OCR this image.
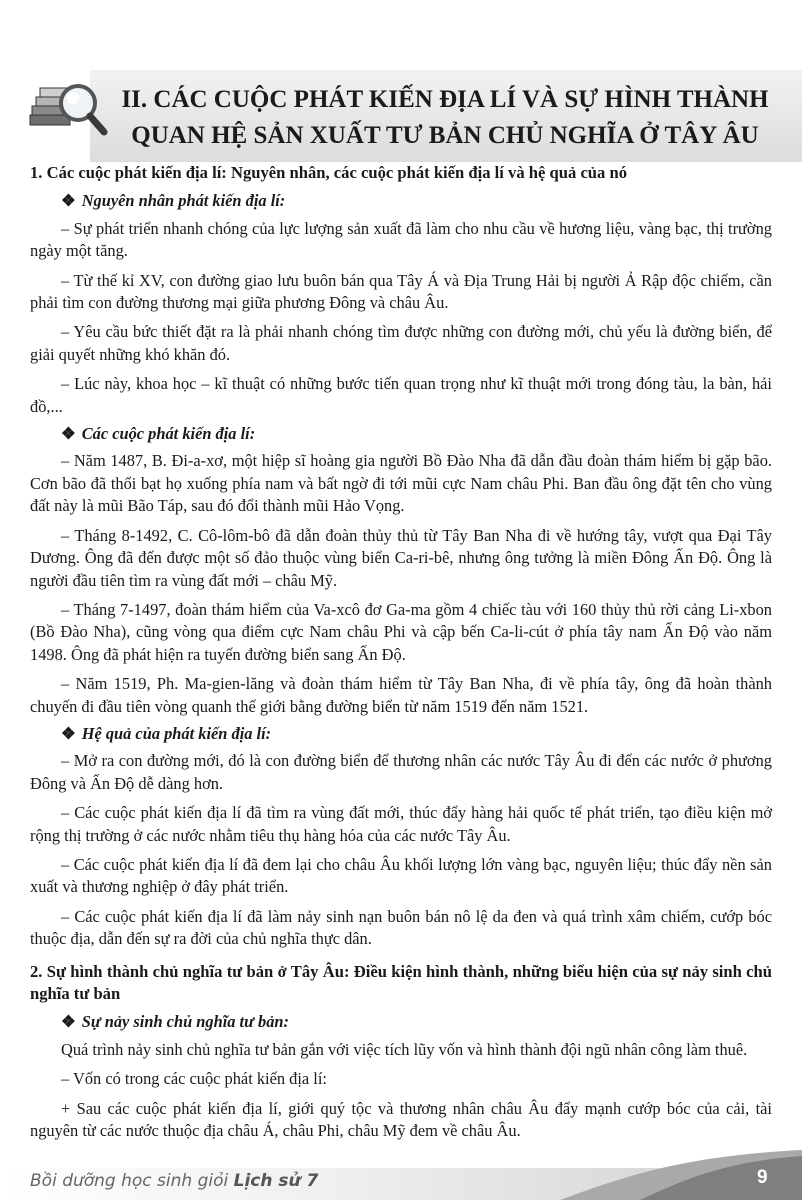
II. CÁC CUỘC PHÁT KIẾN ĐỊA LÍ VÀ SỰ HÌNH THÀNH
QUAN HỆ SẢN XUẤT TƯ BẢN CHỦ NGHĨA Ở TÂY ÂU

1. Các cuộc phát kiến địa lí: Nguyên nhân, các cuộc phát kiến địa lí và hệ quả của nó

❖ Nguyên nhân phát kiến địa lí:

– Sự phát triển nhanh chóng của lực lượng sản xuất đã làm cho nhu cầu về hương liệu, vàng bạc, thị trường ngày một tăng.

– Từ thế kỉ XV, con đường giao lưu buôn bán qua Tây Á và Địa Trung Hải bị người Ả Rập độc chiếm, cần phải tìm con đường thương mại giữa phương Đông và châu Âu.

– Yêu cầu bức thiết đặt ra là phải nhanh chóng tìm được những con đường mới, chủ yếu là đường biển, để giải quyết những khó khăn đó.

– Lúc này, khoa học – kĩ thuật có những bước tiến quan trọng như kĩ thuật mới trong đóng tàu, la bàn, hải đồ,...

❖ Các cuộc phát kiến địa lí:

– Năm 1487, B. Đi-a-xơ, một hiệp sĩ hoàng gia người Bồ Đào Nha đã dẫn đầu đoàn thám hiểm bị gặp bão. Cơn bão đã thổi bạt họ xuống phía nam và bất ngờ đi tới mũi cực Nam châu Phi. Ban đầu ông đặt tên cho vùng đất này là mũi Bão Táp, sau đó đổi thành mũi Hảo Vọng.

– Tháng 8-1492, C. Cô-lôm-bô đã dẫn đoàn thủy thủ từ Tây Ban Nha đi về hướng tây, vượt qua Đại Tây Dương. Ông đã đến được một số đảo thuộc vùng biển Ca-ri-bê, nhưng ông tưởng là miền Đông Ấn Độ. Ông là người đầu tiên tìm ra vùng đất mới – châu Mỹ.

– Tháng 7-1497, đoàn thám hiểm của Va-xcô đơ Ga-ma gồm 4 chiếc tàu với 160 thủy thủ rời cảng Li-xbon (Bồ Đào Nha), cũng vòng qua điểm cực Nam châu Phi và cập bến Ca-li-cút ở phía tây nam Ấn Độ vào năm 1498. Ông đã phát hiện ra tuyến đường biển sang Ấn Độ.

– Năm 1519, Ph. Ma-gien-lăng và đoàn thám hiểm từ Tây Ban Nha, đi về phía tây, ông đã hoàn thành chuyến đi đầu tiên vòng quanh thế giới bằng đường biển từ năm 1519 đến năm 1521.

❖ Hệ quả của phát kiến địa lí:

– Mở ra con đường mới, đó là con đường biển để thương nhân các nước Tây Âu đi đến các nước ở phương Đông và Ấn Độ dễ dàng hơn.

– Các cuộc phát kiến địa lí đã tìm ra vùng đất mới, thúc đẩy hàng hải quốc tế phát triển, tạo điều kiện mở rộng thị trường ở các nước nhằm tiêu thụ hàng hóa của các nước Tây Âu.

– Các cuộc phát kiến địa lí đã đem lại cho châu Âu khối lượng lớn vàng bạc, nguyên liệu; thúc đẩy nền sản xuất và thương nghiệp ở đây phát triển.

– Các cuộc phát kiến địa lí đã làm nảy sinh nạn buôn bán nô lệ da đen và quá trình xâm chiếm, cướp bóc thuộc địa, dẫn đến sự ra đời của chủ nghĩa thực dân.

2. Sự hình thành chủ nghĩa tư bản ở Tây Âu: Điều kiện hình thành, những biểu hiện của sự nảy sinh chủ nghĩa tư bản

❖ Sự nảy sinh chủ nghĩa tư bản:

Quá trình nảy sinh chủ nghĩa tư bản gắn với việc tích lũy vốn và hình thành đội ngũ nhân công làm thuê.

– Vốn có trong các cuộc phát kiến địa lí:

+ Sau các cuộc phát kiến địa lí, giới quý tộc và thương nhân châu Âu đẩy mạnh cướp bóc của cải, tài nguyên từ các nước thuộc địa châu Á, châu Phi, châu Mỹ đem về châu Âu.

Bồi dưỡng học sinh giỏi Lịch sử 7	9
